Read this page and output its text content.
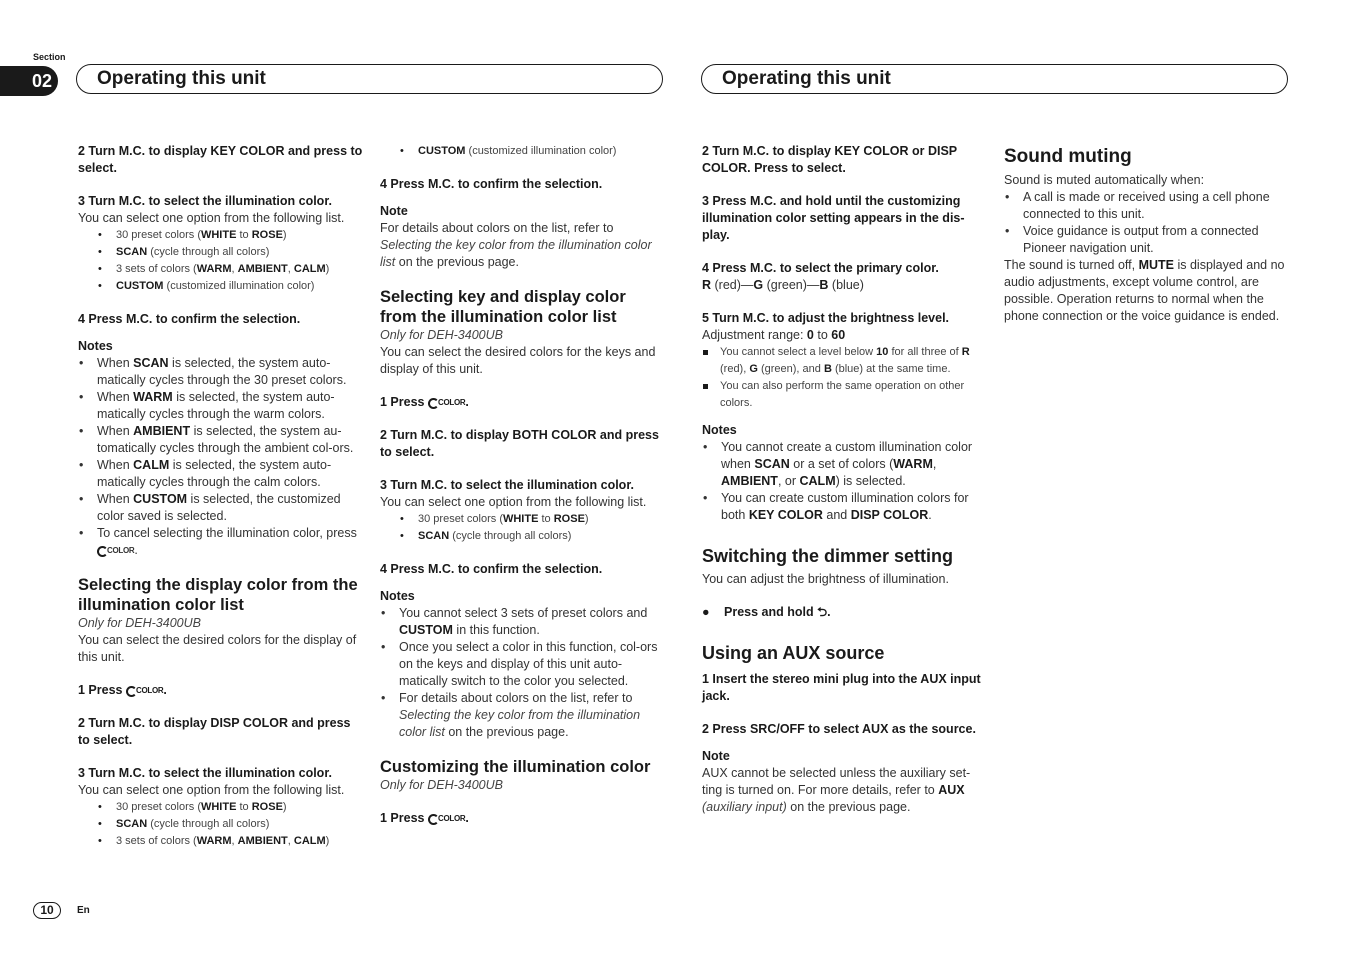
Section
02	Operating this unit	Operating this unit

2 Turn M.C. to display KEY COLOR and press to select.

3 Turn M.C. to select the illumination color.

You can select one option from the following list.

• 30 preset colors (WHITE to ROSE)
• SCAN (cycle through all colors)
• 3 sets of colors (WARM, AMBIENT, CALM)
• CUSTOM (customized illumination color)

4 Press M.C. to confirm the selection.

Notes

• When SCAN is selected, the system auto-matically cycles through the 30 preset colors.
• When WARM is selected, the system auto-matically cycles through the warm colors.
• When AMBIENT is selected, the system au-tomatically cycles through the ambient col-ors.
• When CALM is selected, the system auto-matically cycles through the calm colors.
• When CUSTOM is selected, the customized color saved is selected.
• To cancel selecting the illumination color, press COLOR.

Selecting the display color from the illumination color list

Only for DEH-3400UB

You can select the desired colors for the display of this unit.

1 Press COLOR.

2 Turn M.C. to display DISP COLOR and press to select.

3 Turn M.C. to select the illumination color.

You can select one option from the following list.

• 30 preset colors (WHITE to ROSE)
• SCAN (cycle through all colors)
• 3 sets of colors (WARM, AMBIENT, CALM)
• CUSTOM (customized illumination color)

4 Press M.C. to confirm the selection.

Note

For details about colors on the list, refer to Selecting the key color from the illumination color list on the previous page.

Selecting key and display color from the illumination color list

Only for DEH-3400UB

You can select the desired colors for the keys and display of this unit.

1 Press COLOR.

2 Turn M.C. to display BOTH COLOR and press to select.

3 Turn M.C. to select the illumination color.

You can select one option from the following list.

• 30 preset colors (WHITE to ROSE)
• SCAN (cycle through all colors)

4 Press M.C. to confirm the selection.

Notes

• You cannot select 3 sets of preset colors and CUSTOM in this function.
• Once you select a color in this function, col-ors on the keys and display of this unit auto-matically switch to the color you selected.
• For details about colors on the list, refer to Selecting the key color from the illumination color list on the previous page.

Customizing the illumination color

Only for DEH-3400UB

1 Press COLOR.

2 Turn M.C. to display KEY COLOR or DISP COLOR. Press to select.

3 Press M.C. and hold until the customizing illumination color setting appears in the dis-play.

4 Press M.C. to select the primary color.

R (red)—G (green)—B (blue)

5 Turn M.C. to adjust the brightness level.

Adjustment range: 0 to 60

You cannot select a level below 10 for all three of R (red), G (green), and B (blue) at the same time.

You can also perform the same operation on other colors.

Notes

• You cannot create a custom illumination color when SCAN or a set of colors (WARM, AMBIENT, or CALM) is selected.
• You can create custom illumination colors for both KEY COLOR and DISP COLOR.

Switching the dimmer setting

You can adjust the brightness of illumination.

● Press and hold ⮌.

Using an AUX source

1 Insert the stereo mini plug into the AUX input jack.

2 Press SRC/OFF to select AUX as the source.

Note

AUX cannot be selected unless the auxiliary set-ting is turned on. For more details, refer to AUX (auxiliary input) on the previous page.

Sound muting

Sound is muted automatically when:

• A call is made or received using a cell phone connected to this unit.
• Voice guidance is output from a connected Pioneer navigation unit.

The sound is turned off, MUTE is displayed and no audio adjustments, except volume control, are possible. Operation returns to normal when the phone connection or the voice guidance is ended.

10	En
